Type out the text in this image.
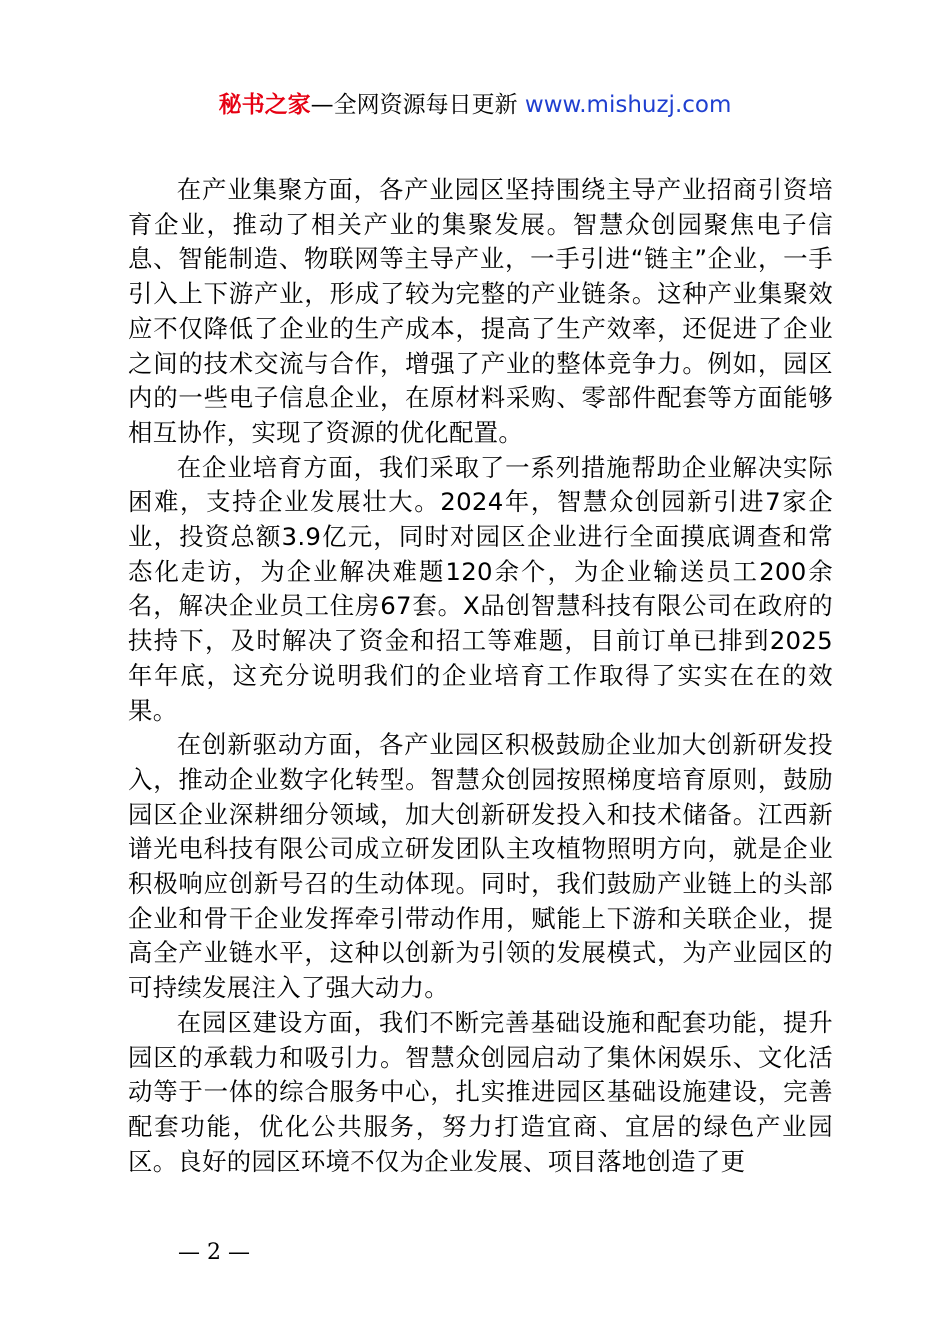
秘书之家—全网资源每日更新 www.mishuzj.com

在产业集聚方面，各产业园区坚持围绕主导产业招商引资培育企业，推动了相关产业的集聚发展。智慧众创园聚焦电子信息、智能制造、物联网等主导产业，一手引进“链主”企业，一手引入上下游产业，形成了较为完整的产业链条。这种产业集聚效应不仅降低了企业的生产成本，提高了生产效率，还促进了企业之间的技术交流与合作，增强了产业的整体竞争力。例如，园区内的一些电子信息企业，在原材料采购、零部件配套等方面能够相互协作，实现了资源的优化配置。

在企业培育方面，我们采取了一系列措施帮助企业解决实际困难，支持企业发展壮大。2024年，智慧众创园新引进7家企业，投资总额3.9亿元，同时对园区企业进行全面摸底调查和常态化走访，为企业解决难题120余个，为企业输送员工200余名，解决企业员工住房67套。X品创智慧科技有限公司在政府的扶持下，及时解决了资金和招工等难题，目前订单已排到2025年年底，这充分说明我们的企业培育工作取得了实实在在的效果。

在创新驱动方面，各产业园区积极鼓励企业加大创新研发投入，推动企业数字化转型。智慧众创园按照梯度培育原则，鼓励园区企业深耕细分领域，加大创新研发投入和技术储备。江西新谱光电科技有限公司成立研发团队主攻植物照明方向，就是企业积极响应创新号召的生动体现。同时，我们鼓励产业链上的头部企业和骨干企业发挥牵引带动作用，赋能上下游和关联企业，提高全产业链水平，这种以创新为引领的发展模式，为产业园区的可持续发展注入了强大动力。

在园区建设方面，我们不断完善基础设施和配套功能，提升园区的承载力和吸引力。智慧众创园启动了集休闲娱乐、文化活动等于一体的综合服务中心，扎实推进园区基础设施建设，完善配套功能，优化公共服务，努力打造宜商、宜居的绿色产业园区。良好的园区环境不仅为企业发展、项目落地创造了更

— 2 —
